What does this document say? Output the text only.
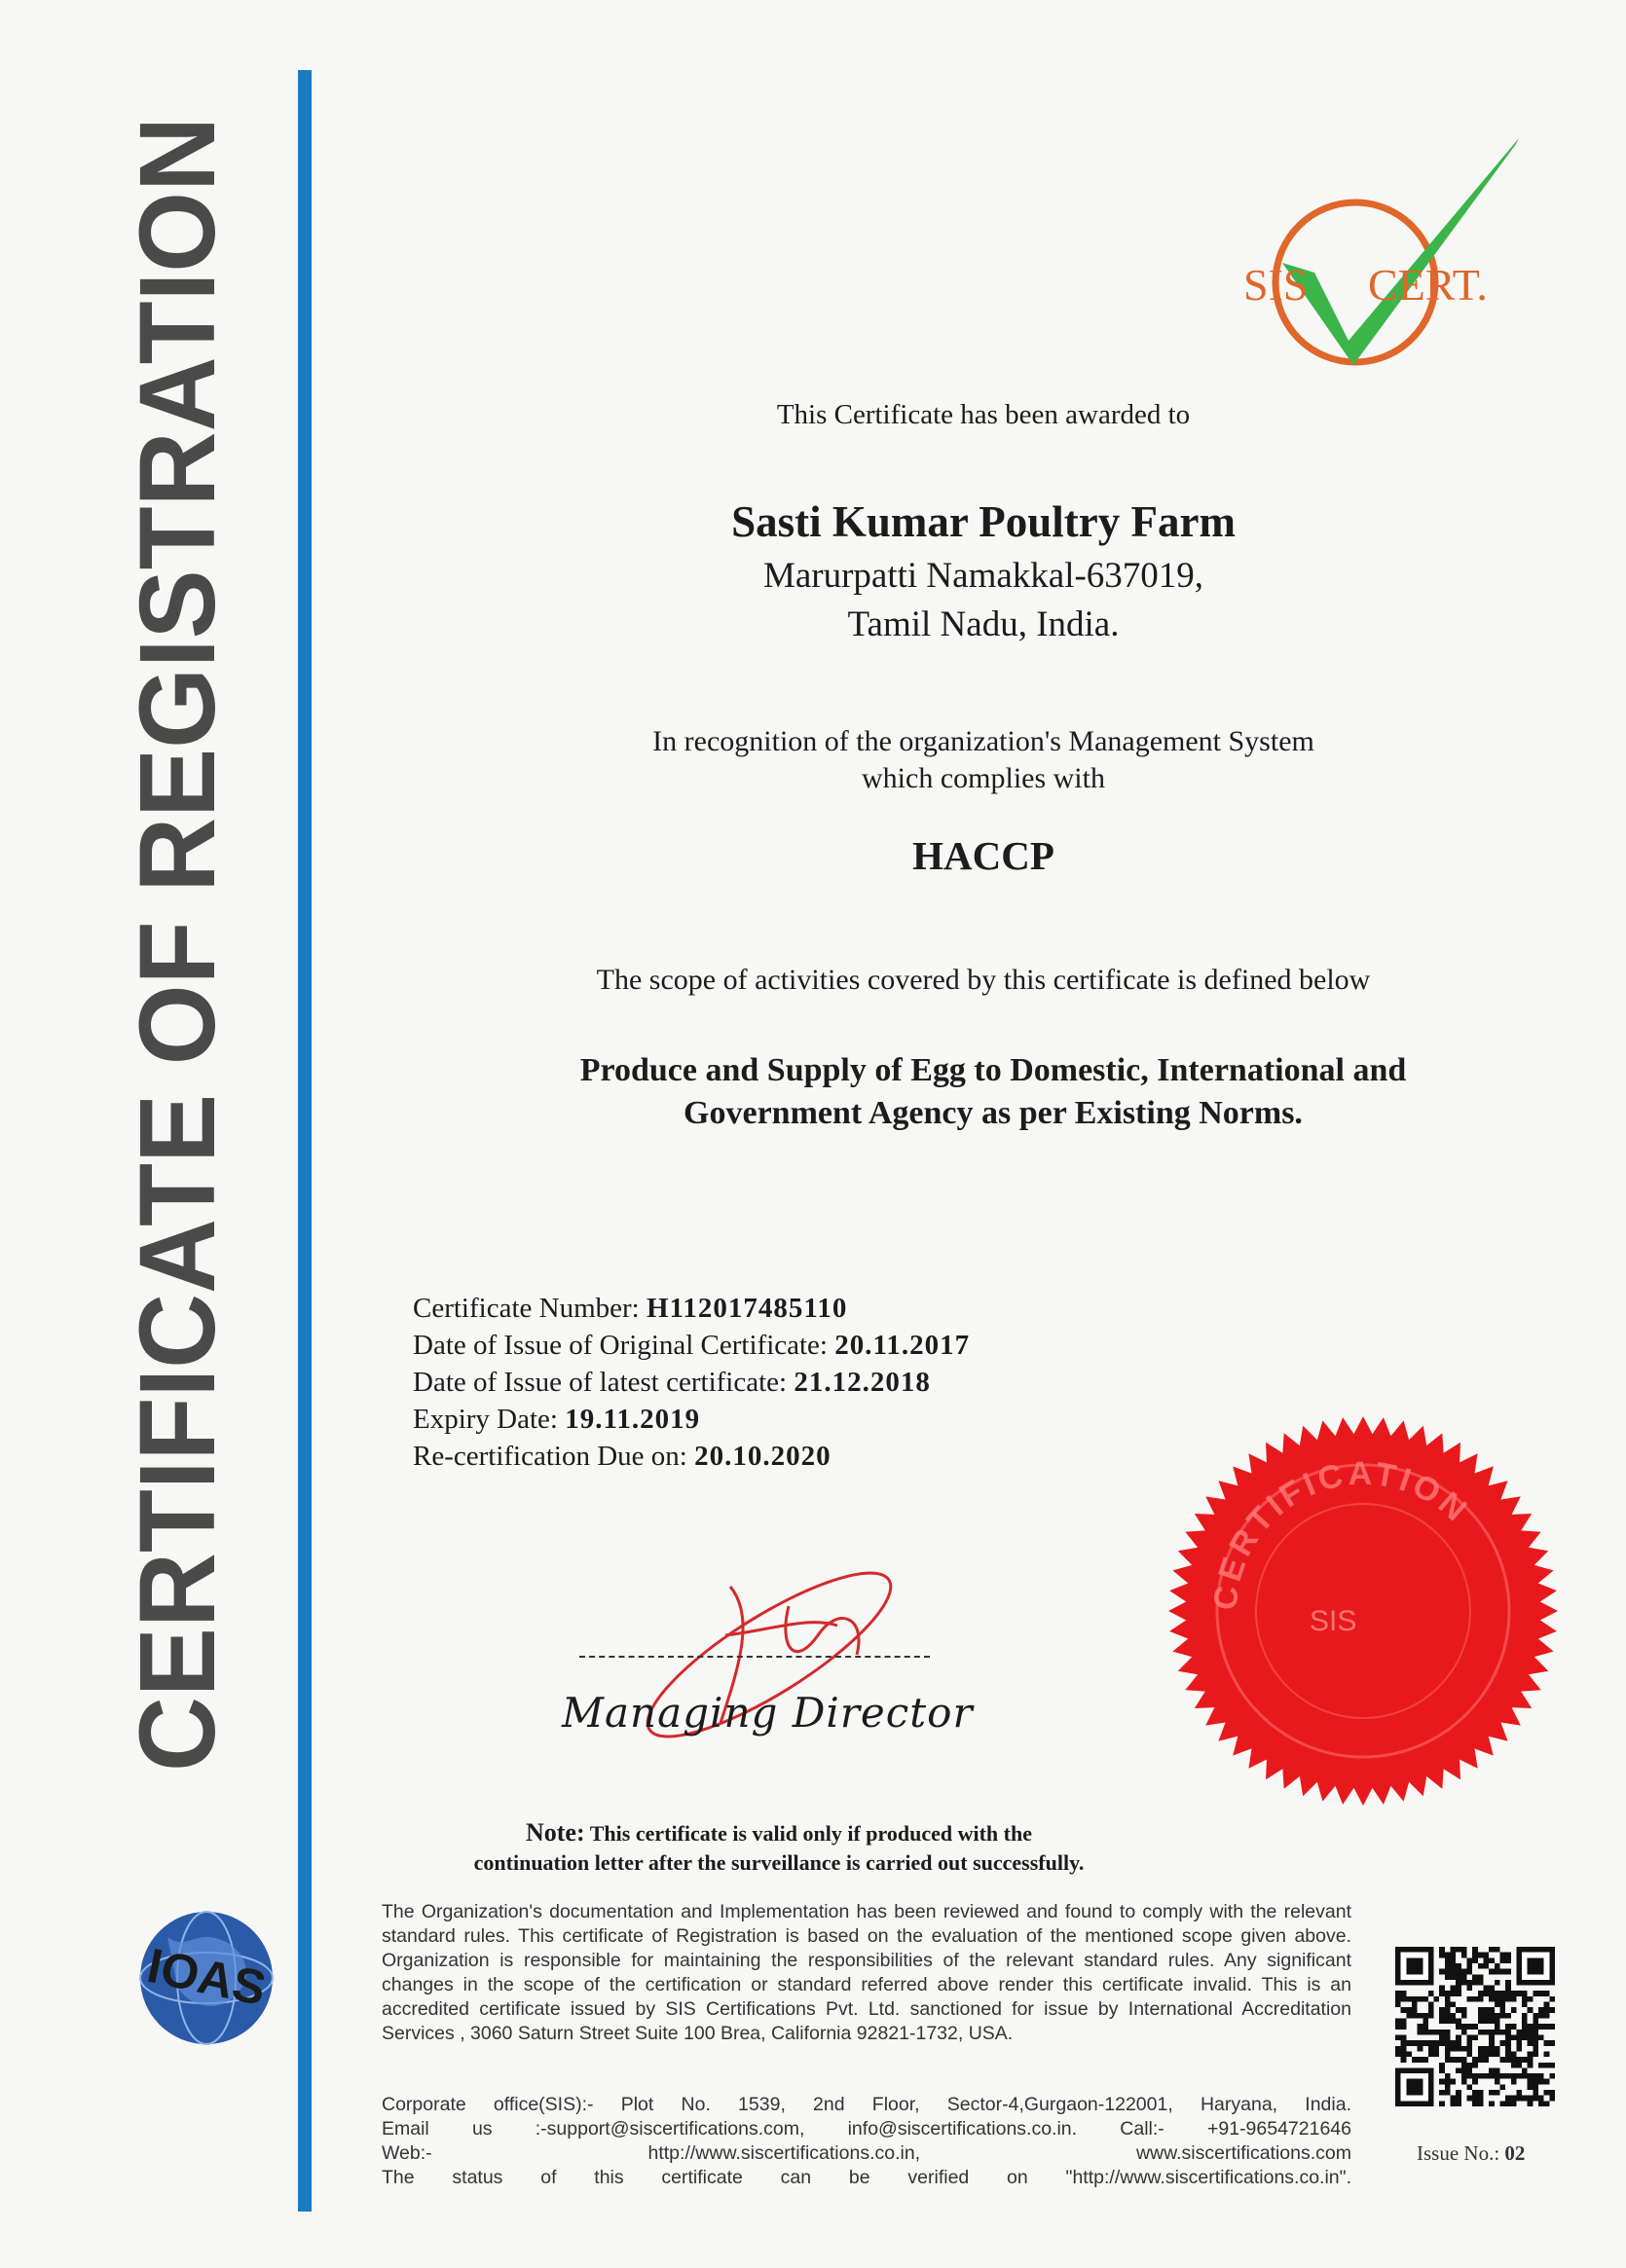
CERTIFICATE OF REGISTRATION	SIS CERT.
This Certificate has been awarded to
Sasti Kumar Poultry Farm
Marurpatti Namakkal-637019,
Tamil Nadu, India.
In recognition of the organization's Management System
which complies with
HACCP
The scope of activities covered by this certificate is defined below
Produce and Supply of Egg to Domestic, International and
Government Agency as per Existing Norms.
Certificate Number: H112017485110
Date of Issue of Original Certificate: 20.11.2017
Date of Issue of latest certificate: 21.12.2018
Expiry Date: 19.11.2019
Re-certification Due on: 20.10.2020
Managing Director
CERTIFICATION
SIS
Note: This certificate is valid only if produced with the
continuation letter after the surveillance is carried out successfully.
The Organization's documentation and Implementation has been reviewed and found to comply with the relevant standard rules. This certificate of Registration is based on the evaluation of the mentioned scope given above. Organization is responsible for maintaining the responsibilities of the relevant standard rules. Any significant changes in the scope of the certification or standard referred above render this certificate invalid. This is an accredited certificate issued by SIS Certifications Pvt. Ltd. sanctioned for issue by International Accreditation Services , 3060 Saturn Street Suite 100 Brea, California 92821-1732, USA.
Corporate office(SIS):- Plot No. 1539, 2nd Floor, Sector-4,Gurgaon-122001, Haryana, India.
Email us :-support@siscertifications.com, info@siscertifications.co.in. Call:- +91-9654721646
Web:- http://www.siscertifications.co.in, www.siscertifications.com
The status of this certificate can be verified on "http://www.siscertifications.co.in".
IOAS
Issue No.: 02
